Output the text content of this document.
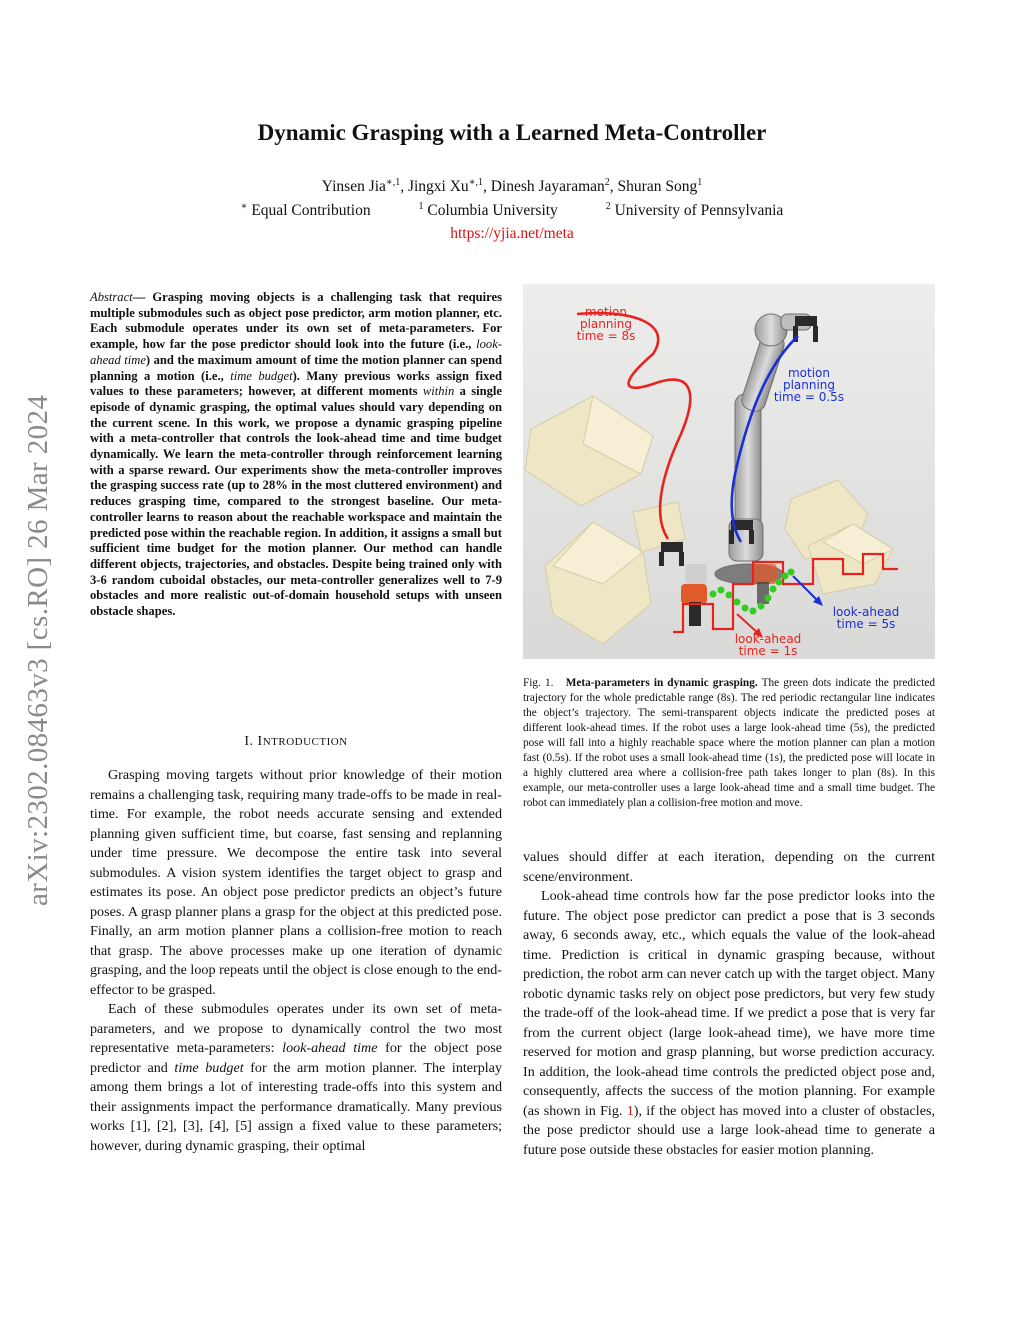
arXiv:2302.08463v3 [cs.RO] 26 Mar 2024
Dynamic Grasping with a Learned Meta-Controller
Yinsen Jia$^{∗,1}$, Jingxi $Xu^{∗,1}$, Dinesh Jayaraman$^2$, Shuran Song$^1$
∗ Equal Contribution	$^1$ Columbia University	$^2$ University of Pennsylvania
https://yjia.net/meta
Abstract— Grasping moving objects is a challenging task that requires multiple submodules such as object pose predictor, arm motion planner, etc. Each submodule operates under its own set of meta-parameters. For example, how far the pose predictor should look into the future (i.e., look-ahead time) and the maximum amount of time the motion planner can spend planning a motion (i.e., time budget). Many previous works assign fixed values to these parameters; however, at different moments within a single episode of dynamic grasping, the optimal values should vary depending on the current scene. In this work, we propose a dynamic grasping pipeline with a meta-controller that controls the look-ahead time and time budget dynamically. We learn the meta-controller through reinforcement learning with a sparse reward. Our experiments show the meta-controller improves the grasping success rate (up to 28% in the most cluttered environment) and reduces grasping time, compared to the strongest baseline. Our meta-controller learns to reason about the reachable workspace and maintain the predicted pose within the reachable region. In addition, it assigns a small but sufficient time budget for the motion planner. Our method can handle different objects, trajectories, and obstacles. Despite being trained only with 3-6 random cuboidal obstacles, our meta-controller generalizes well to 7-9 obstacles and more realistic out-of-domain household setups with unseen obstacle shapes.
I. INTRODUCTION

Grasping moving targets without prior knowledge of their motion remains a challenging task, requiring many trade-offs to be made in real-time. For example, the robot needs accurate sensing and extended planning given sufficient time, but coarse, fast sensing and replanning under time pressure. We decompose the entire task into several submodules. A vision system identifies the target object to grasp and estimates its pose. An object pose predictor predicts an object’s future poses. A grasp planner plans a grasp for the object at this predicted pose. Finally, an arm motion planner plans a collision-free motion to reach that grasp. The above processes make up one iteration of dynamic grasping, and the loop repeats until the object is close enough to the end-effector to be grasped.

Each of these submodules operates under its own set of meta-parameters, and we propose to dynamically control the two most representative meta-parameters: look-ahead time for the object pose predictor and time budget for the arm motion planner. The interplay among them brings a lot of interesting trade-offs into this system and their assignments impact the performance dramatically. Many previous works [1], [2], [3], [4], [5] assign a fixed value to these parameters; however, during dynamic grasping, their optimal

motion
planning
time = 8s
motion
planning
time = 0.5s
look-ahead
time = 5s
look-ahead
time = 1s
Fig. 1. Meta-parameters in dynamic grasping. The green dots indicate the predicted trajectory for the whole predictable range (8s). The red periodic rectangular line indicates the object’s trajectory. The semi-transparent objects indicate the predicted poses at different look-ahead times. If the robot uses a large look-ahead time (5s), the predicted pose will fall into a highly reachable space where the motion planner can plan a motion fast (0.5s). If the robot uses a small look-ahead time (1s), the predicted pose will locate in a highly cluttered area where a collision-free path takes longer to plan (8s). In this example, our meta-controller uses a large look-ahead time and a small time budget. The robot can immediately plan a collision-free motion and move.

values should differ at each iteration, depending on the current scene/environment.

Look-ahead time controls how far the pose predictor looks into the future. The object pose predictor can predict a pose that is 3 seconds away, 6 seconds away, etc., which equals the value of the look-ahead time. Prediction is critical in dynamic grasping because, without prediction, the robot arm can never catch up with the target object. Many robotic dynamic tasks rely on object pose predictors, but very few study the trade-off of the look-ahead time. If we predict a pose that is very far from the current object (large look-ahead time), we have more time reserved for motion and grasp planning, but worse prediction accuracy. In addition, the look-ahead time controls the predicted object pose and, consequently, affects the success of the motion planning. For example (as shown in Fig. 1), if the object has moved into a cluster of obstacles, the pose predictor should use a large look-ahead time to generate a future pose outside these obstacles for easier motion planning.
